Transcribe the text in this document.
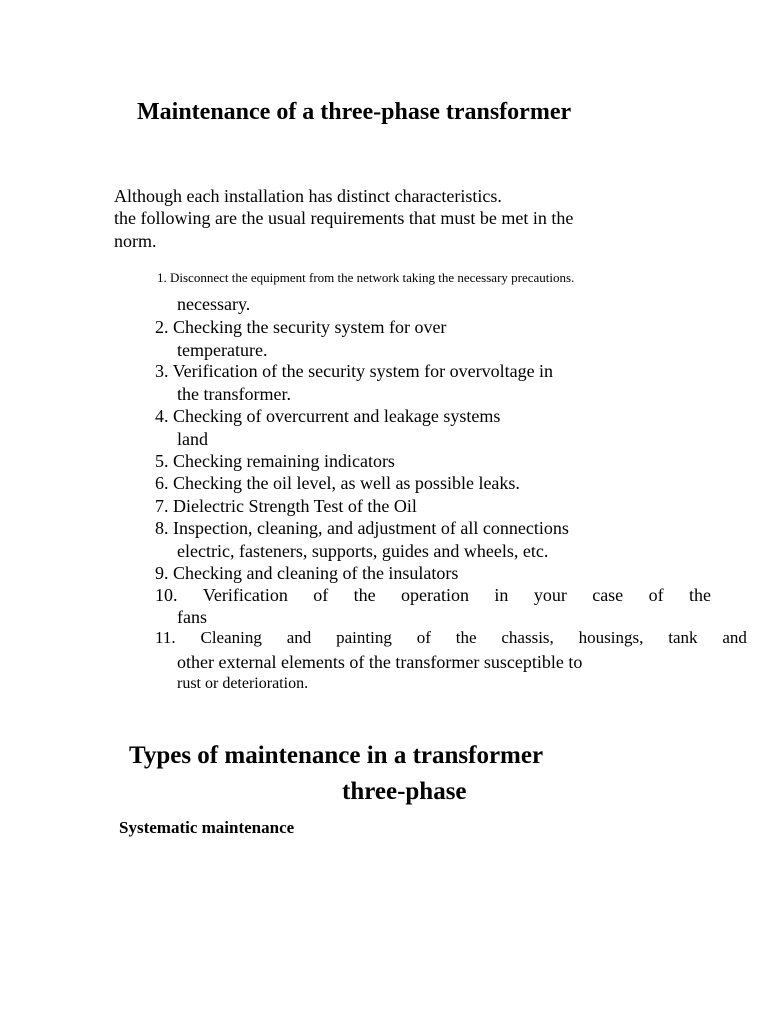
Maintenance of a three-phase transformer
Although each installation has distinct characteristics.
the following are the usual requirements that must be met in the
norm.
1. Disconnect the equipment from the network taking the necessary precautions.
necessary.
2. Checking the security system for over
temperature.
3. Verification of the security system for overvoltage in
the transformer.
4. Checking of overcurrent and leakage systems
land
5. Checking remaining indicators
6. Checking the oil level, as well as possible leaks.
7. Dielectric Strength Test of the Oil
8. Inspection, cleaning, and adjustment of all connections
electric, fasteners, supports, guides and wheels, etc.
9. Checking and cleaning of the insulators
10. Verification of the operation in your case of the
fans
11. Cleaning and painting of the chassis, housings, tank and
other external elements of the transformer susceptible to
rust or deterioration.
Types of maintenance in a transformer
three-phase
Systematic maintenance
